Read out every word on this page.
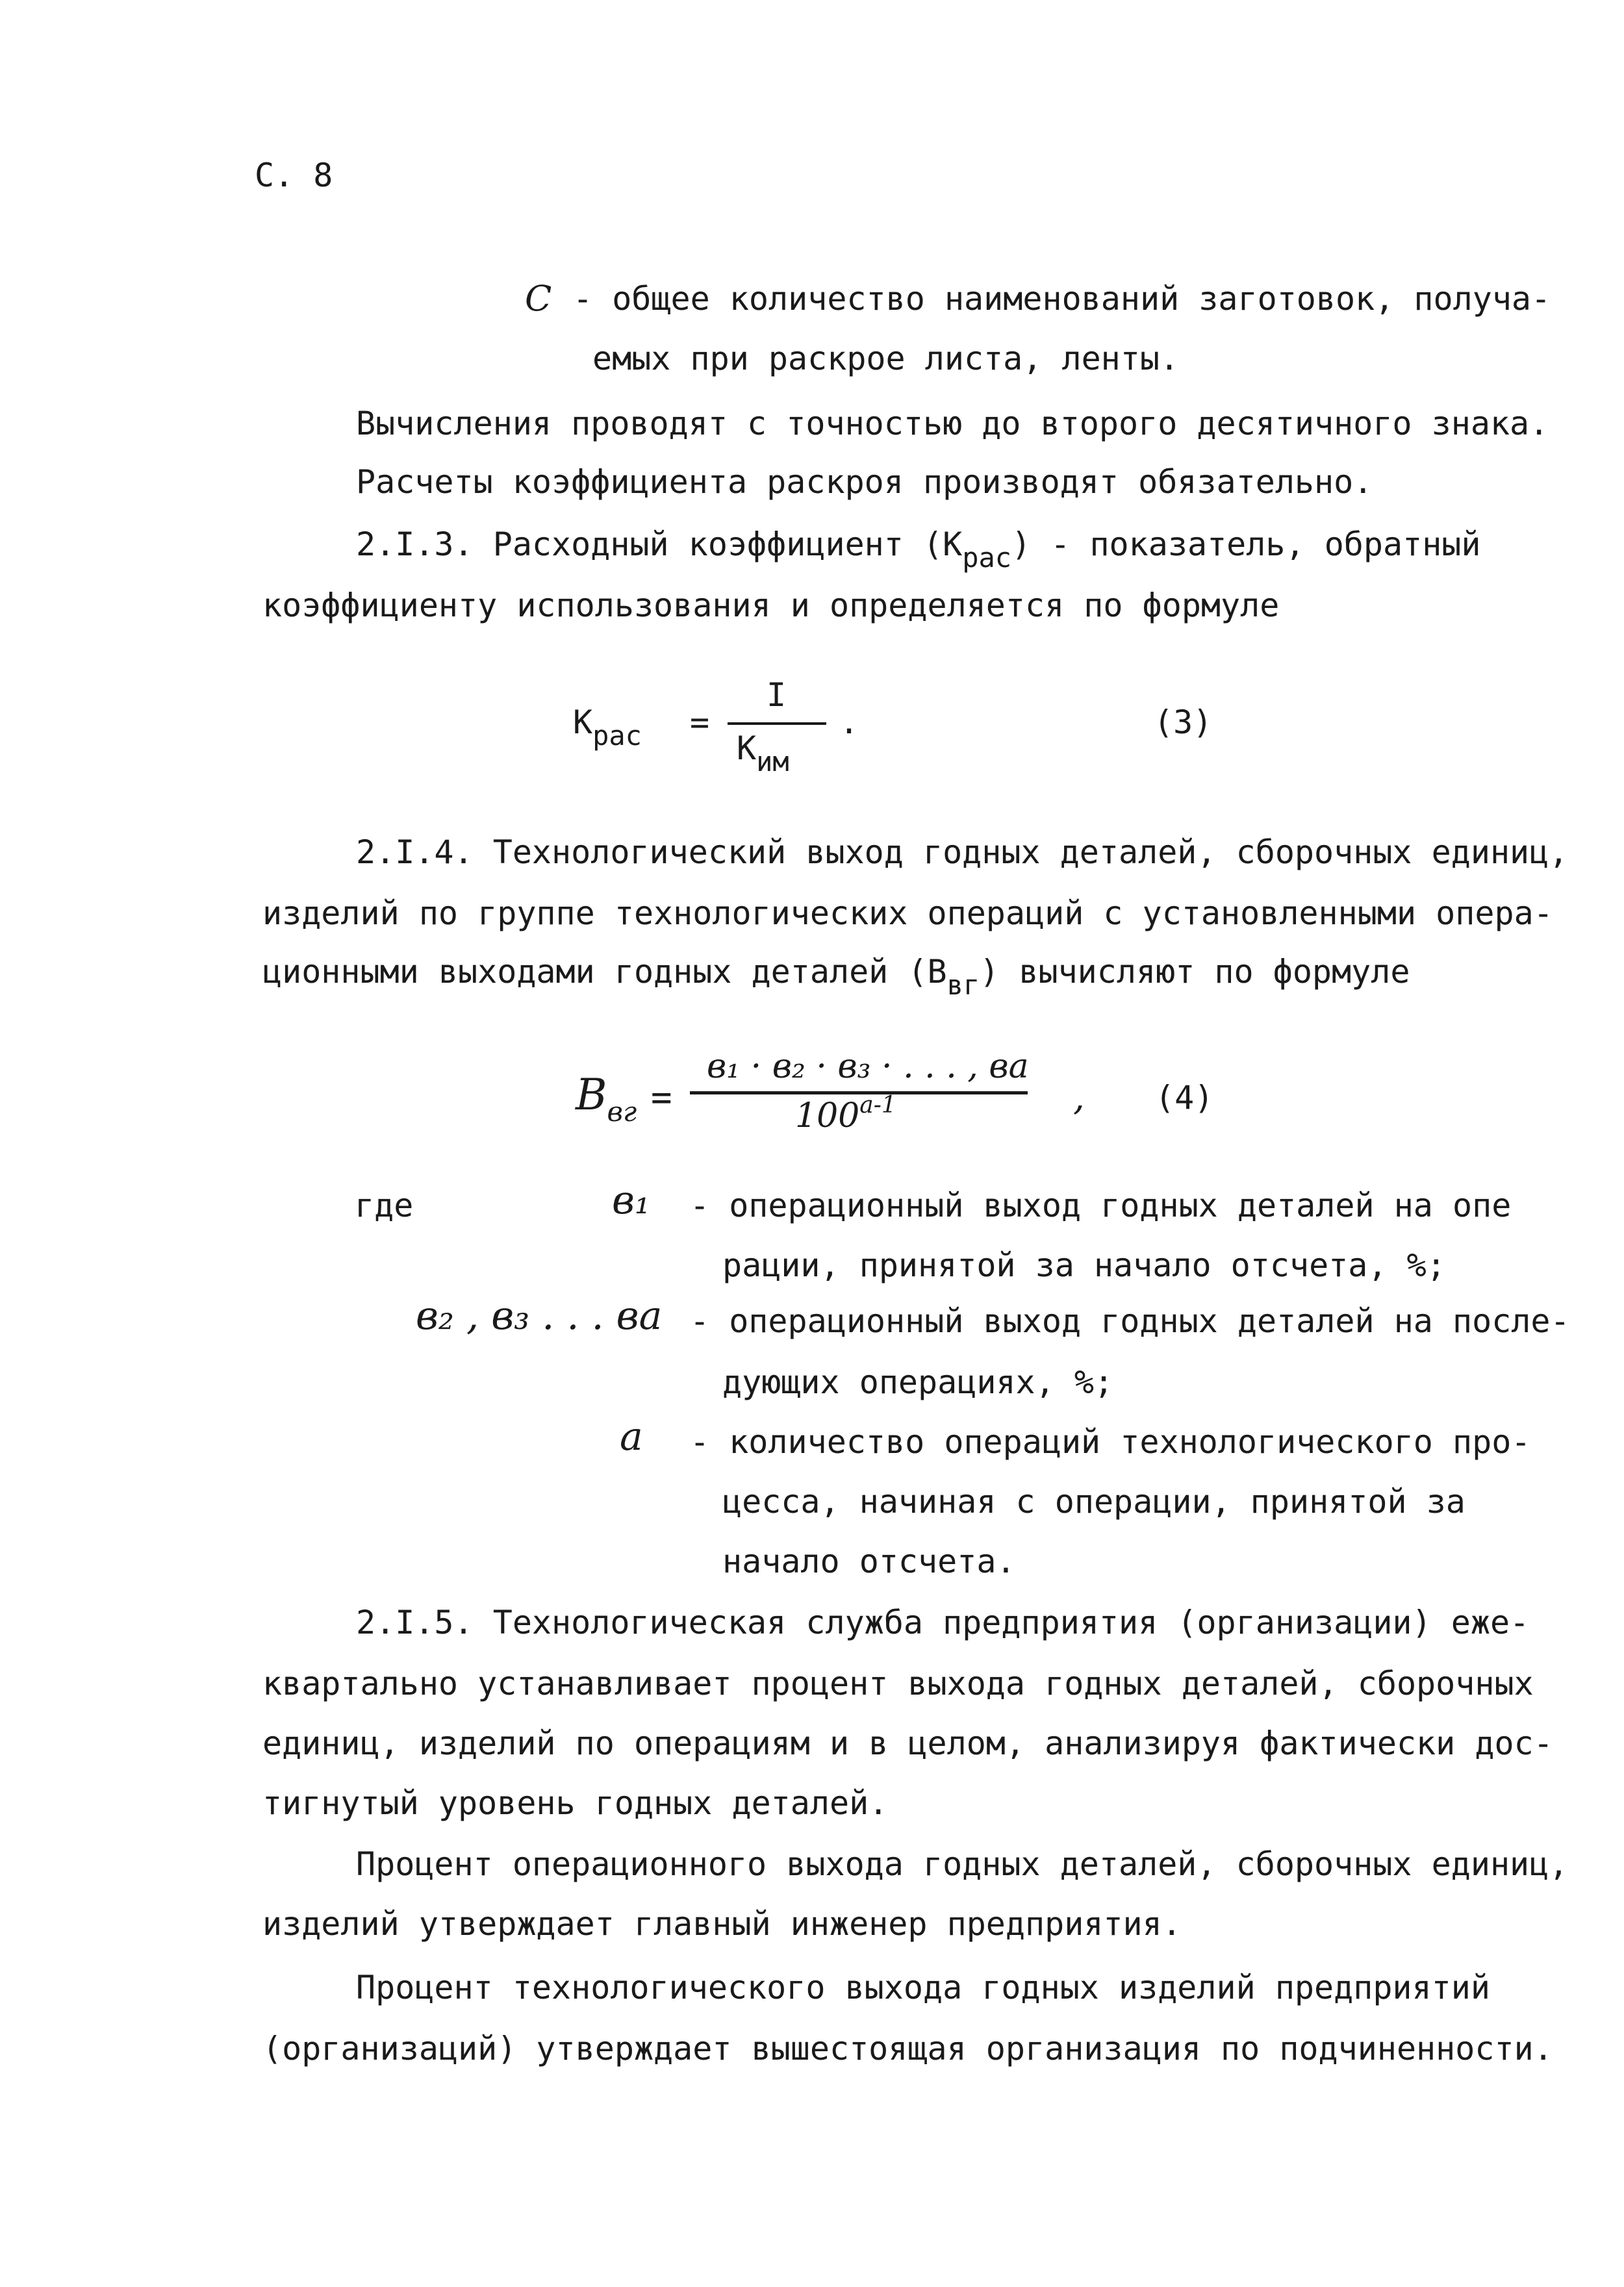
С. 8
C - общее количество наименований заготовок, получа-
емых при раскрое листа, ленты.
Вычисления проводят с точностью до второго десятичного знака.
Расчеты коэффициента раскроя производят обязательно.
2.І.3. Расходный коэффициент $(К_{рас})$ - показатель, обратный
коэффициенту использования и определяется по формуле
$К_{рас}$ =
І
$К_{им}$
.	(3)
2.І.4. Технологический выход годных деталей, сборочных единиц,
изделий по группе технологических операций с установленными опера-
ционными выходами годных деталей $(В_{вг})$ вычисляют по формуле
$В_{вг}$ =
в₁ · в₂ · в₃ · . . . , вa
100$^{a-1}$	, (4)
где	в₁ - операционный выход годных деталей на опе
рации, принятой за начало отсчета, %;
в₂ , в₃ . . . вa - операционный выход годных деталей на после-
дующих операциях, %;
a - количество операций технологического про-
цесса, начиная с операции, принятой за
начало отсчета.
2.І.5. Технологическая служба предприятия (организации) еже-
квартально устанавливает процент выхода годных деталей, сборочных
единиц, изделий по операциям и в целом, анализируя фактически дос-
тигнутый уровень годных деталей.
Процент операционного выхода годных деталей, сборочных единиц,
изделий утверждает главный инженер предприятия.
Процент технологического выхода годных изделий предприятий
(организаций) утверждает вышестоящая организация по подчиненности.
